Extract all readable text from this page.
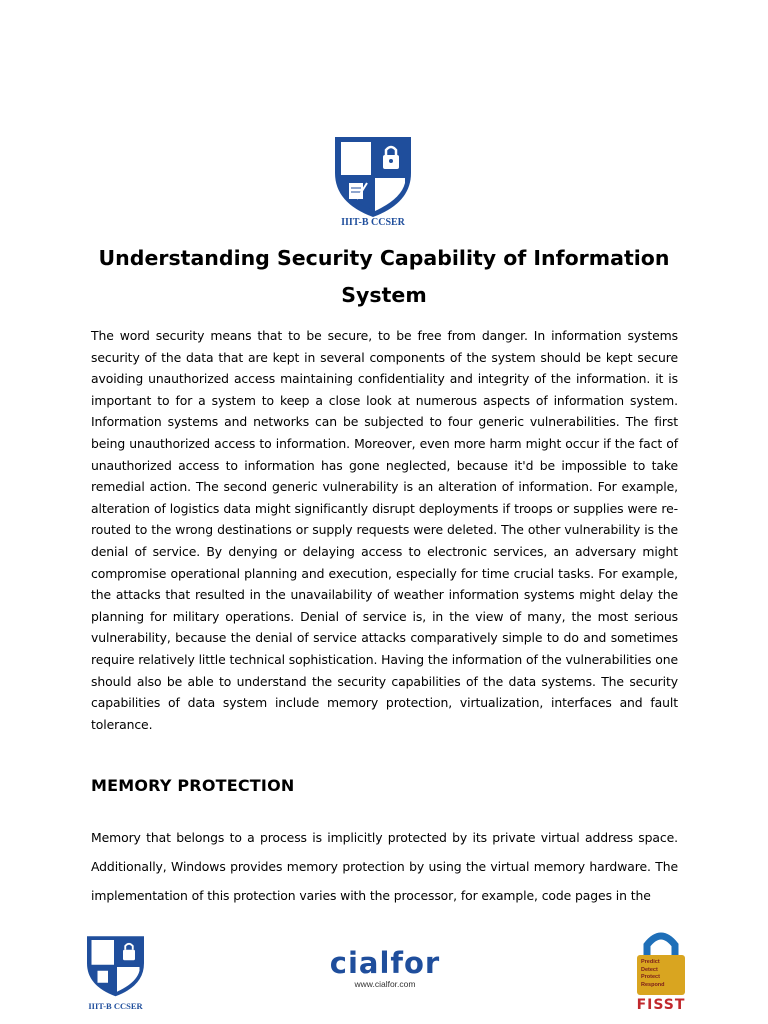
IIIT-B CCSER
Understanding Security Capability of Information System

The word security means that to be secure, to be free from danger. In information systems security of the data that are kept in several components of the system should be kept secure avoiding unauthorized access maintaining confidentiality and integrity of the information. it is important to for a system to keep a close look at numerous aspects of information system. Information systems and networks can be subjected to four generic vulnerabilities. The first being unauthorized access to information. Moreover, even more harm might occur if the fact of unauthorized access to information has gone neglected, because it'd be impossible to take remedial action. The second generic vulnerability is an alteration of information. For example, alteration of logistics data might significantly disrupt deployments if troops or supplies were re-routed to the wrong destinations or supply requests were deleted. The other vulnerability is the denial of service. By denying or delaying access to electronic services, an adversary might compromise operational planning and execution, especially for time crucial tasks. For example, the attacks that resulted in the unavailability of weather information systems might delay the planning for military operations. Denial of service is, in the view of many, the most serious vulnerability, because the denial of service attacks comparatively simple to do and sometimes require relatively little technical sophistication. Having the information of the vulnerabilities one should also be able to understand the security capabilities of the data systems. The security capabilities of data system include memory protection, virtualization, interfaces and fault tolerance.

MEMORY PROTECTION

Memory that belongs to a process is implicitly protected by its private virtual address space. Additionally, Windows provides memory protection by using the virtual memory hardware. The implementation of this protection varies with the processor, for example, code pages in the

IIIT-B CCSER
cialfor
www.cialfor.com
Predict
Detect
Protect
Respond
FISST
